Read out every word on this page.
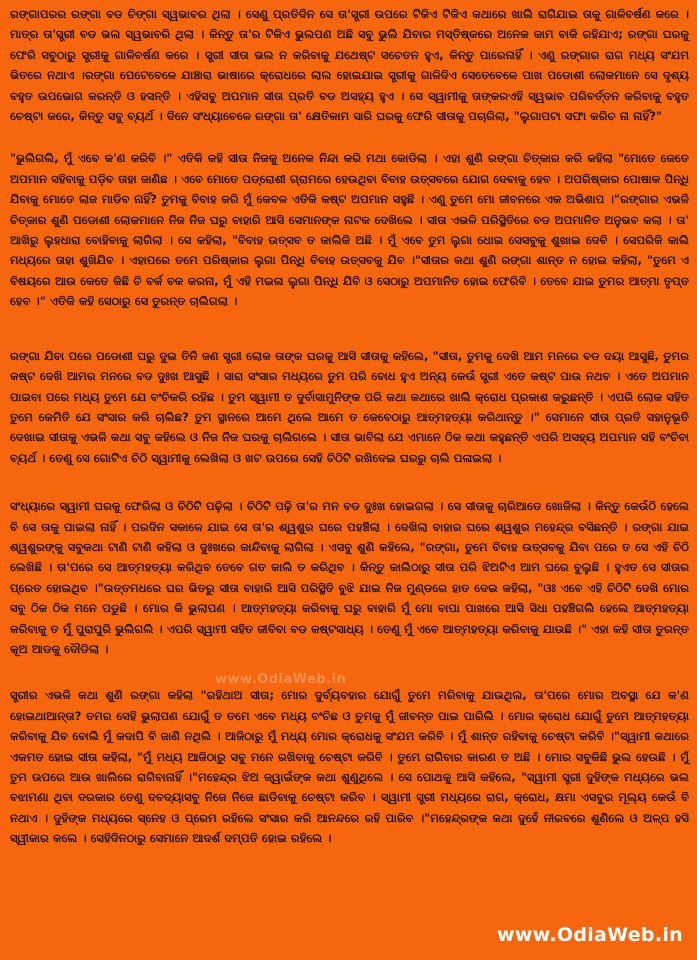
ରଙ୍ଗାପରର ରଙ୍ଗା ବଡ ଚିଙ୍ଗା ସ୍ୱଭାବର ଥିଲା । ସେଣୁ ପ୍ରତିଦିନ ସେ ତା'ସ୍ତ୍ରୀ ଉପରେ ଟିକିଏ ଟିକିଏ କଥାରେ ଖାଲି ରାଗିଯାଇ ତାକୁ ଗାଳିବର୍ଷଣ କରେ । ମାତ୍ର ତା'ସ୍ତ୍ରୀ ବଡ ଭଲ ସ୍ୱଭାବରି ଥିଲା । କିନ୍ତୁ ତା'ର ଟିକିଏ ଭୁଲପଣ ଅଛି ସବୁ ଭୁଲି ଯିବାର ମସ୍ତିଷ୍କରେ ଅନେକ କାମ ବାକି ରହିଯାଏ; ରଙ୍ଗା ଘରକୁ ଫେରି ସବୁଠାରୁ ସ୍ତ୍ରୀକୁ ଗାଳିବର୍ଷଣ କରେ । ସ୍ତ୍ରୀ ସୀତା ଭଲ ନ କରିବାକୁ ଯଥେଷ୍ଟ ସଚେତନ ହୁଏ, କିନ୍ତୁ ପାରେନାହିଁ । ଏଣୁ ରଙ୍ଗାର ରାଗ ମଧ୍ୟ ସଂଯମ ଭିତରେ ନଥାଏ ।ରଙ୍ଗା ପେଟେବେଳେ ଯାଞ୍ଚାରା ଭାଷାରେ କ୍ରୋଧରେ ଲାଲ ହୋଇଯାଇ ସ୍ତ୍ରୀକୁ ଗାଳିଦିଏ ସେତେବେଳେ ପାଖ ପଡୋଶୀ ଲୋକମାନେ ସେ ଦୃଶ୍ୟ ବହୁତ ଉପଭୋଗ କରନ୍ତି ଓ ହସନ୍ତି । ଏହିସବୁ ଅପମାନ ସୀତା ପ୍ରତି ବଡ ଅସହ୍ୟ ହୁଏ । ସେ ସ୍ୱାମୀକୁ ତାଙ୍କରଏହି ସ୍ୱଭାବ ପରିବର୍ତ୍ତନ କରିବାକୁ ବହୁତ ଚେଷ୍ଟା କରେ, କିନ୍ତୁ ସବୁ ବ୍ୟର୍ଥ । ଦିନେ ସଂଧ୍ୟାବେଳେ ରଙ୍ଗା ତା' କ୍ଷେତିକାମ ସାରି ଘରକୁ ଫେରି ସୀତାକୁ ପଚାରିଲା, "ଲୁଗାପଟା ସଫା କରିଚ ନା ନାହିଁ?"

"ଭୁଲିଗଲି, ମୁଁ ଏବେ କ'ଣ କରିବି ।" ଏତିକି କହି ସୀତା ନିଜକୁ ଅନେକ ନିନ୍ଦା କରି ମଥା କୋଡିଲା । ଏହା ଶୁଣି ରଙ୍ଗା ଚିତ୍କାର କରି କହିଲା "ମୋତେ କେତେ ଅପମାନ ସହିବାକୁ ପଡ଼ିବ ତାହା ଜାଣିଛ । ଏବେ ମୋତେ ପଡ୍ରୋଶୀ ଗ୍ରାମରେ ହେଉଥିବା ବିବାହ ଉତ୍ସବରେ ଯୋଗ ଦେବାକୁ ହେବ । ଅପରିଷ୍କାର ପୋଷାକ ପିନ୍ଧି ଯିବାକୁ ମୋତେ ଲାଜ ମାଡିବ ନାହିଁ? ତୁମକୁ ବିବାହ କରି ମୁଁ କେବଳ ଏତିକି କଷ୍ଟ ଅପମାନ ସହୁଛି । ଏଣୁ ତୁମେ ମୋ ଜୀବନରେ ଏକ ଅଭିଶାପ ।"ରଙ୍ଗାର ଏଭଳି ଚିତ୍କାର ଶୁଣି ପଡୋଶୀ ଲୋକମାନେ ନିଜ ନିଜ ଘରୁ ବାହାରି ଆସି ସେମାନଙ୍କ ନାଟକ ଦେଖିଲେ । ସୀତା ଏଭଳି ପରିସ୍ଥିତିରେ ବଡ ଅପମାନିତ ଅନୁଭବ କଲା । ତା' ଆଖିରୁ ଲୁହଧାରା ବୋହିବାକୁ ଲାଗିଲା । ସେ କହିଲା, "ବିବାହ ଉତ୍ସବ ତ କାଲିକି ଅଛି । ମୁଁ ଏବେ ତୁମ ଲୁଗା ଧୋଇ ସେସବୁକୁ ଶୁଖାଇ ଦେବି । ସେପରିକି କାଲି ମଧ୍ୟରେ ତାହା ଶୁଖିଯିବ । ଏହାପରେ ତମେ ପରିଷ୍କାର ଲୁଗା ପିନ୍ଧି ବିବାହ ଉତ୍ସବକୁ ଯିବ ।"ସୀତାର କଥା ଶୁଣି ରଙ୍ଗା ଶାନ୍ତ ନ ହୋଇ କହିଲା, "ତୁମେ ଏ ବିଷୟରେ ଆଉ କେତେ କିଛି ଚି ବର୍କ ବକ କରନା, ମୁଁ ଏହି ମଇଳା ଲୁଗା ପିନ୍ଧି ଯିବି ଓ ସେଠାରୁ ଅପମାନିତ ହୋଇ ଫେରିବି । ତେବେ ଯାଇ ତୁମର ଆତ୍ମା ତୃପ୍ତ ହେବ ।" ଏତିକି କହି ସେଠାରୁ ସେ ତୁରନ୍ତ ଚାଲିଗଲା ।

ରଙ୍ଗା ଯିବା ପରେ ପଡୋଶୀ ଘରୁ ଦୁଇ ତିନି ଜଣ ସ୍ତ୍ରୀ ଲୋକ ତାଙ୍କ ଘରକୁ ଆସି ସୀତାକୁ କହିଲେ, "ସୀତା, ତୁମକୁ ଦେଖି ଆମ ମନରେ ବଡ ଦୟା ଆସୁଛି, ତୁମର କଷ୍ଟ ଦେଖି ଆମର ମନରେ ବଡ ଦୁଃଖ ଆସୁଛି । ସାରା ସଂସାର ମଧ୍ୟରେ ତୁମ ପରି ବୋଧ ହୁଏ ଅନ୍ୟ କେଉଁ ସ୍ତ୍ରୀ ଏତେ କଷ୍ଟ ପାଉ ନଥବ । ଏତେ ଅପମାନ ପାଇବା ପରେ ମଧ୍ୟ ତୁମେ ଯେ ବଂଚିକରି ରହିଛ । ତୁମ ସ୍ୱାମୀ ତ ଦୁର୍ବାସାମୁନିଙ୍କ ପରି କଥା କଥାରେ ଖାଲି କ୍ରୋଧ ପ୍ରକାଶ କରୁଛନ୍ତି । ଏପରି ଲୋକ ସହିତ ତୁମେ କେମିତି ଯେ ସଂସାର କରି ଚାଲିଛ? ତୁମ ସ୍ଥାନରେ ଆମେ ଥିଲେ ଆମେ ତ କେବେଠାରୁ ଆତ୍ମହତ୍ୟା କରିଥାନ୍ତୁ ।" ସେମାନେ ସୀତା ପ୍ରତି ସହାନୁଭୂତି ଦେଖାଇ ସୀତାକୁ ଏଭଳି କଥା ସବୁ କହିଲେ ଓ ନିଜ ନିଜ ଘରକୁ ଚାଲିଗଲେ । ସୀତା ଭାବିଲା ଯେ ଏମାନେ ଠିକ କଥା କହୁଛନ୍ତି ଏପରି ଅସହ୍ୟ ଅପମାନ ସହି ବଂଚିବା ବ୍ୟର୍ଥ । ତେଣୁ ସେ ଗୋଟିଏ ଚିଠି ସ୍ୱାମୀକୁ ଲେଖିଲା ଓ ଖଟ ଉପରେ ସେହି ଚିଠିଟି ରଖିଦେଇ ଘରରୁ ଚାଲି ପଳାଇଲା ।

ସଂଧ୍ୟାରେ ସ୍ୱାମୀ ଘରକୁ ଫେରିଲା ଓ ଚିଠିଟି ପଢ଼ିଲା । ଚିଠିଟି ପଢ଼ି ତା'ର ମନ ବଡ ଦୁଃଖ ହୋଇଗଲା । ସେ ସୀତାକୁ ଚାରିଆଡେ ଖୋଜିଲା । କିନ୍ତୁ କେଉଁଠି ହେଲେ ବି ସେ ତାକୁ ପାଇଲା ନାହିଁ । ପରଦିନ ସକାଳେ ଯାଇ ସେ ତା'ର ଶ୍ୱଶୁର ଘରେ ପହଞ୍ଚିଲା । ଦେଖିଲା ବାହାର ଘରେ ଶ୍ୱଶୁର ମହେନ୍ଦ୍ର ବସିଛନ୍ତି । ରଙ୍ଗା ଯାଇ ଶ୍ୱଶୁରଙ୍କୁ ସବୁକଥା ଟାଣି ଟାଣି କହିଲା ଓ ଦୁଃଖରେ କାନ୍ଦିବାକୁ ଲାଗିଲା । ଏସବୁ ଶୁଣି କହିଲେ, "ରଙ୍ଗା, ତୁମେ ବିବାହ ଉତ୍ସବକୁ ଯିବା ପରେ ତ ସେ ଏହି ଚିଠି ଲେଖିଛି । ତା'ପରେ ସେ ଆତ୍ମହତ୍ୟା କରିଥିବ ତେବେ ଗତ କାଲି ତ କରିଥିବ । କିନ୍ତୁ କାଲିଠାରୁ ସୀତା ପରି ଝିଅଟିଏ ଆମ ଘରେ ବୁଲୁଛି । ହୁଏତ ସେ ସୀତାର ପ୍ରେତ ହୋଇଥିବ ।"ଉତ୍ତମଧରେ ଘର ଭିତରୁ ସୀତା ବାହାରି ଆସି ପରିସ୍ଥିତି ବୁଝି ଯାଇ ନିଜ ମୁଣ୍ଡରେ ହାତ ଦେଇ କହିଲା, "ଓଃ ଏବେ ଏହି ଚିଠିଟି ଦେଖି ମୋର ସବୁ ଠିକ ଠିକ ମନେ ପଡୁଛି । ମୋର କି ଭୁଲାପଣ । ଆତ୍ମହତ୍ୟା କରିବାକୁ ଘରୁ ବାହାରି ମୁଁ ମୋ ବାପା ପାଖରେ ଆସି ସିଧା ପହଞ୍ଚିଗଲି ହେଲେ ଆତ୍ମହତ୍ୟା କରିବାକୁ ତ ମୁଁ ପୁରାପୁରି ଭୁଲିଗଲି । ଏପରି ସ୍ୱାମୀ ସହିତ ଜୀବିବା ବଡ କଷ୍ଟସାଧ୍ୟ । ତେଣୁ ମୁଁ ଏବେ ଆତ୍ମହତ୍ୟା କରିବାକୁ ଯାଉଛି ।" ଏହା କହି ସୀତା ତୁରନ୍ତ କୂଅ ଆଡକୁ ଦୌଡିଲା ।

ସ୍ତ୍ରୀର ଏଭଳି କଥା ଶୁଣି ରଙ୍ଗା କହିଲା "ରହିଥାଅ ସୀତା; ମୋର ଦୁର୍ବ୍ୟବହାର ଯୋଗୁଁ ତୁମେ ମରିବାକୁ ଯାଉଥିଲ, ତା'ପରେ ମୋର ଅବସ୍ଥା ଯେ କ'ଣ ହୋଇଥାଆନ୍ତା? ତମର ସେହି ଭୁଲାପଣ ଯୋଗୁଁ ତ ତମେ ଏବେ ମଧ୍ୟ ବଂଚିଛ ଓ ତୁମକୁ ମୁଁ ଜୀବନ୍ତ ପାଇ ପାରିଲି । ମୋର କ୍ରୋଧ ଯୋଗୁଁ ତୁମେ ଆତ୍ମହତ୍ୟା କରିବାକୁ ଯିବ ବୋଲି ମୁଁ କଦାପି ବି ଜାଣି ନଥିଲି । ଆଜିଠାରୁ ମୁଁ ମଧ୍ୟ ମୋର କ୍ରୋଧକୁ ସଂଯମ କରିବି । ମୁଁ ଶାନ୍ତ ରହିବାକୁ ଚେଷ୍ଟା କରିବି ।"ସ୍ୱାମୀ କଥାରେ ଏକମତ ହୋଇ ସୀତା କହିଲା, "ମୁଁ ମଧ୍ୟ ଆଜିଠାରୁ ସବୁ ମନେ ରଖିବାକୁ ଚେଷ୍ଟା କରିବି । ତୁମେ ରାଗିବାର କାରଣ ତ ଅଛି । ମୋର ସବୁକିଛି ଭୁଲ ହେଉଛି । ମୁଁ ତୁମ ଉପରେ ଆଉ ଖାଲିରେ ରାଗିବାନାହିଁ ।"ମହେନ୍ଦ୍ର ଝିଅ ଜ୍ୱାଇଁଙ୍କ କଥା ଶୁଣୁଥିଲେ । ସେ ପୋଥକୁ ଆସି କହିଲେ, "ସ୍ୱାମୀ ସ୍ତ୍ରୀ ଦୁହିଙ୍କ ମଧ୍ୟରେ ଭଲ ବଝାମଣା ଥିବା ଦରକାର ତେଣୁ ଦବଦ୍ୟାସବୁ ନିଜେ ନିଜେ ଛାଡିବାକୁ ଚେଷ୍ଟା କରିବ । ସ୍ୱାମୀ ସ୍ତ୍ରୀ ମଧ୍ୟରେ ରାଗ, କ୍ରୋଧ, କ୍ଷମା ଏସବୁର ମୂଲ୍ୟ କେଉଁ ବି ନଥାଏ । ଦୁହିଙ୍କ ମଧ୍ୟରେ ସ୍ନେହ ଓ ପ୍ରେମ ରହିଲେ ସଂସାର କରି ଆନନ୍ଦରେ ରହି ପାରିବ ।"ମହେନ୍ଦ୍ରଙ୍କ କଥା ଦୁହେଁ ନୀରବରେ ଶୁଣିଲେ ଓ ଅଳ୍ପ ହସି ସ୍ୱୀକାର କଲେ । ସେହିଦିନଠାରୁ ସେମାନେ ଆଦର୍ଶ ଦମ୍ପତି ହୋଇ ରହିଲେ ।

www.OdiaWeb.in
www.OdiaWeb.in
